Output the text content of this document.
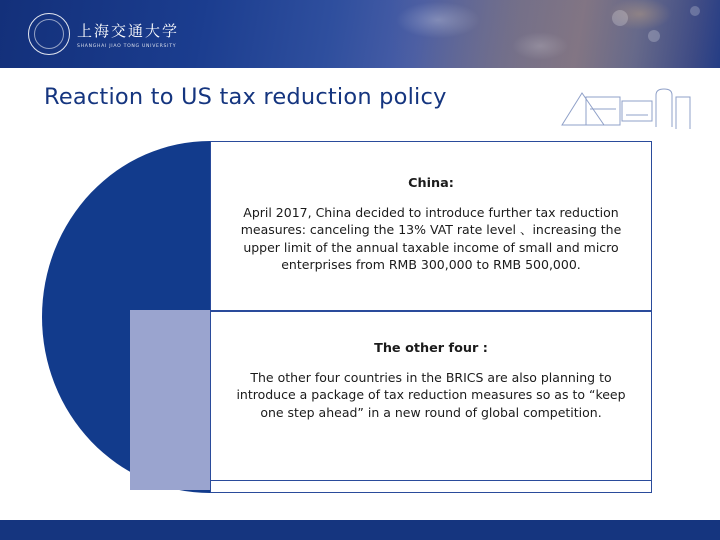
上海交通大学
SHANGHAI JIAO TONG UNIVERSITY
Reaction to US tax reduction policy
China:
April 2017, China decided to introduce further tax reduction measures: canceling the 13% VAT rate level 、increasing the upper limit of the annual taxable income of small and micro enterprises from RMB 300,000 to RMB 500,000.
The other four :
The other four countries in the BRICS are also planning to introduce a package of tax reduction measures so as to “keep one step ahead” in a new round of global competition.
